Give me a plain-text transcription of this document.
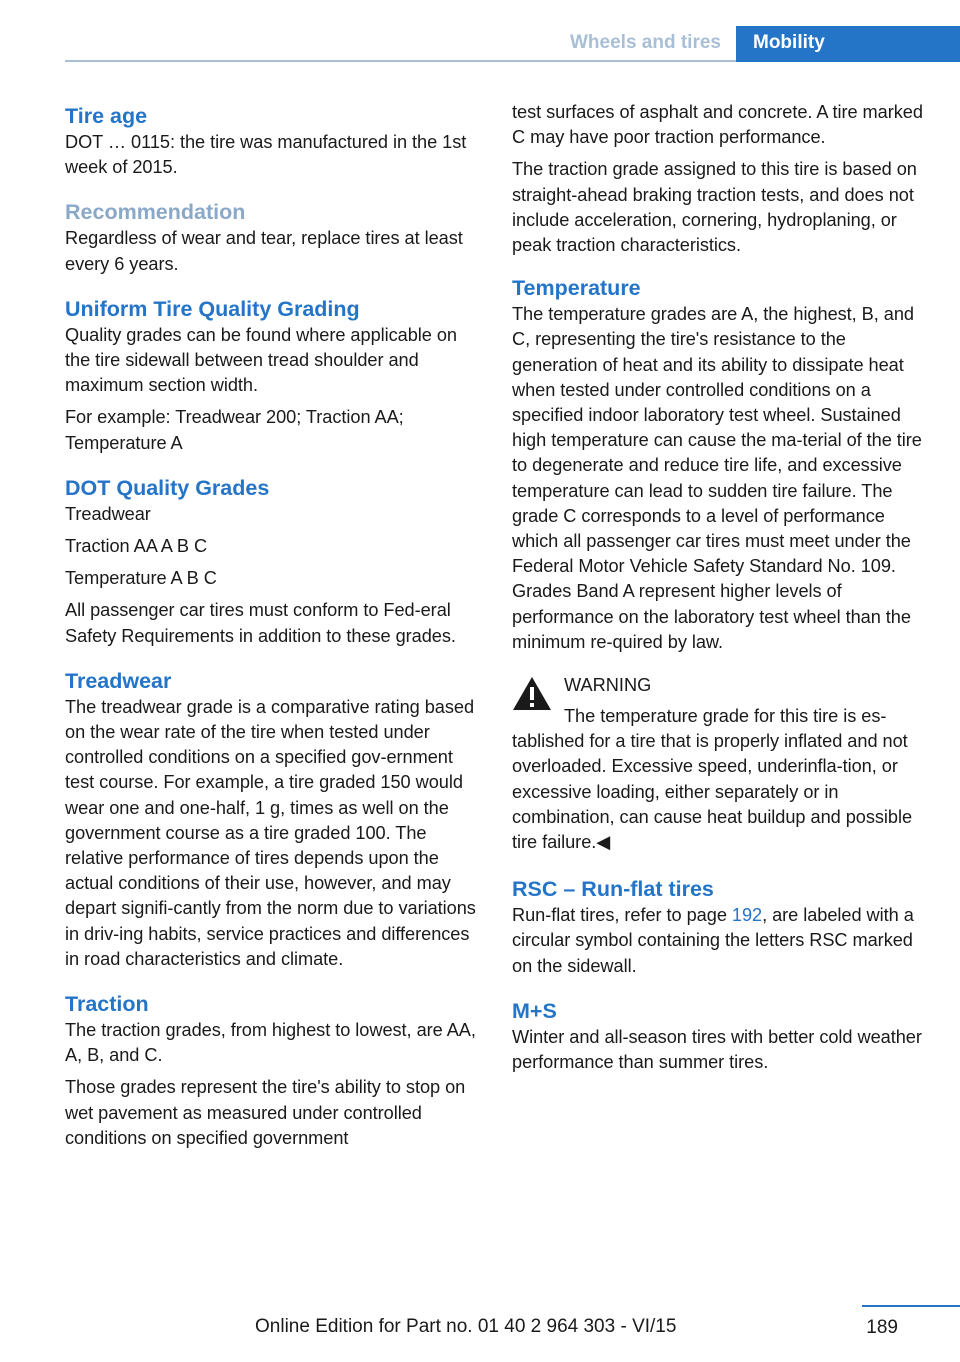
Wheels and tires	Mobility
Tire age

DOT … 0115: the tire was manufactured in the 1st week of 2015.

Recommendation

Regardless of wear and tear, replace tires at least every 6 years.

Uniform Tire Quality Grading

Quality grades can be found where applicable on the tire sidewall between tread shoulder and maximum section width.

For example: Treadwear 200; Traction AA; Temperature A

DOT Quality Grades

Treadwear

Traction AA A B C

Temperature A B C

All passenger car tires must conform to Fed-eral Safety Requirements in addition to these grades.

Treadwear

The treadwear grade is a comparative rating based on the wear rate of the tire when tested under controlled conditions on a specified gov-ernment test course. For example, a tire graded 150 would wear one and one-half, 1 g, times as well on the government course as a tire graded 100. The relative performance of tires depends upon the actual conditions of their use, however, and may depart signifi-cantly from the norm due to variations in driv-ing habits, service practices and differences in road characteristics and climate.

Traction

The traction grades, from highest to lowest, are AA, A, B, and C.

Those grades represent the tire's ability to stop on wet pavement as measured under controlled conditions on specified government

test surfaces of asphalt and concrete. A tire marked C may have poor traction performance.

The traction grade assigned to this tire is based on straight-ahead braking traction tests, and does not include acceleration, cornering, hydroplaning, or peak traction characteristics.

Temperature

The temperature grades are A, the highest, B, and C, representing the tire's resistance to the generation of heat and its ability to dissipate heat when tested under controlled conditions on a specified indoor laboratory test wheel. Sustained high temperature can cause the ma-terial of the tire to degenerate and reduce tire life, and excessive temperature can lead to sudden tire failure. The grade C corresponds to a level of performance which all passenger car tires must meet under the Federal Motor Vehicle Safety Standard No. 109. Grades Band A represent higher levels of performance on the laboratory test wheel than the minimum re-quired by law.

WARNING

The temperature grade for this tire is es-tablished for a tire that is properly inflated and not overloaded. Excessive speed, underinfla-tion, or excessive loading, either separately or in combination, can cause heat buildup and possible tire failure.◀

RSC – Run-flat tires

Run-flat tires, refer to page 192, are labeled with a circular symbol containing the letters RSC marked on the sidewall.

M+S

Winter and all-season tires with better cold weather performance than summer tires.

189
Online Edition for Part no. 01 40 2 964 303 - VI/15
